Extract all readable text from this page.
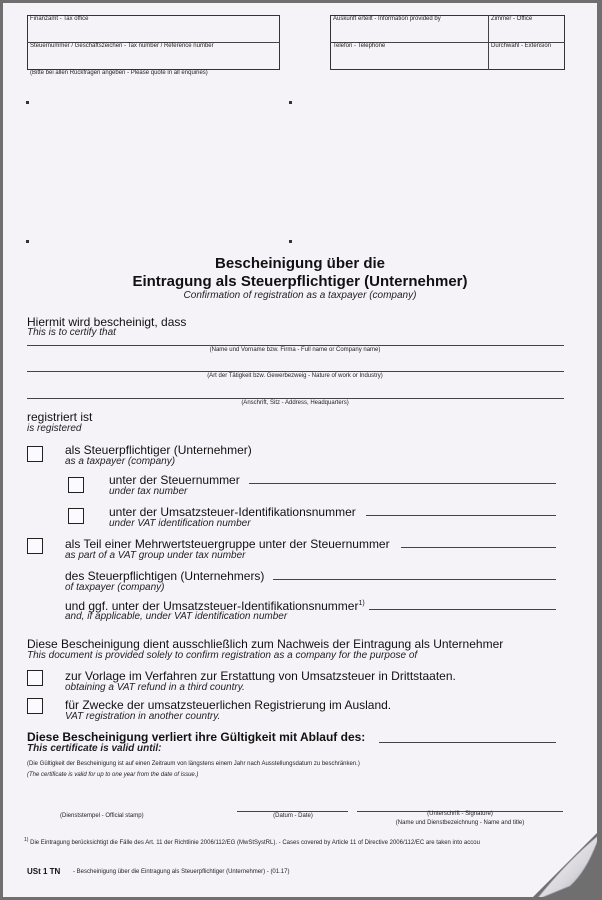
Finanzamt - Tax office
Steuernummer / Geschäftszeichen - Tax number / Reference number
(Bitte bei allen Rückfragen angeben - Please quote in all enquiries)
Auskunft erteilt - Information provided by	Zimmer - Office
Telefon - Telephone	Durchwahl - Extension
Bescheinigung über die
Eintragung als Steuerpflichtiger (Unternehmer)
Confirmation of registration as a taxpayer (company)
Hiermit wird bescheinigt, dass
This is to certify that
(Name und Vorname bzw. Firma - Full name or Company name)
(Art der Tätigkeit bzw. Gewerbezweig - Nature of work or Industry)
(Anschrift, Sitz - Address, Headquarters)
registriert ist
is registered
als Steuerpflichtiger (Unternehmer)
as a taxpayer (company)
unter der Steuernummer
under tax number
unter der Umsatzsteuer-Identifikationsnummer
under VAT identification number
als Teil einer Mehrwertsteuergruppe unter der Steuernummer
as part of a VAT group under tax number
des Steuerpflichtigen (Unternehmers)
of taxpayer (company)
und ggf. unter der Umsatzsteuer-Identifikationsnummer$^{1)}$
and, if applicable, under VAT identification number
Diese Bescheinigung dient ausschließlich zum Nachweis der Eintragung als Unternehmer
This document is provided solely to confirm registration as a company for the purpose of
zur Vorlage im Verfahren zur Erstattung von Umsatzsteuer in Drittstaaten.
obtaining a VAT refund in a third country.
für Zwecke der umsatzsteuerlichen Registrierung im Ausland.
VAT registration in another country.
Diese Bescheinigung verliert ihre Gültigkeit mit Ablauf des:
This certificate is valid until:
(Die Gültigkeit der Bescheinigung ist auf einen Zeitraum von längstens einem Jahr nach Ausstellungsdatum zu beschränken.)
(The certificate is valid for up to one year from the date of issue.)
(Dienststempel - Official stamp)	(Datum - Date)	(Unterschrift - Signature)
(Name und Dienstbezeichnung - Name and title)
$^{1)}$ Die Eintragung berücksichtigt die Fälle des Art. 11 der Richtlinie 2006/112/EG (MwStSystRL). - Cases covered by Article 11 of Directive 2006/112/EC are taken into accou
USt 1 TN - Bescheinigung über die Eintragung als Steuerpflichtiger (Unternehmer) - (01.17)
